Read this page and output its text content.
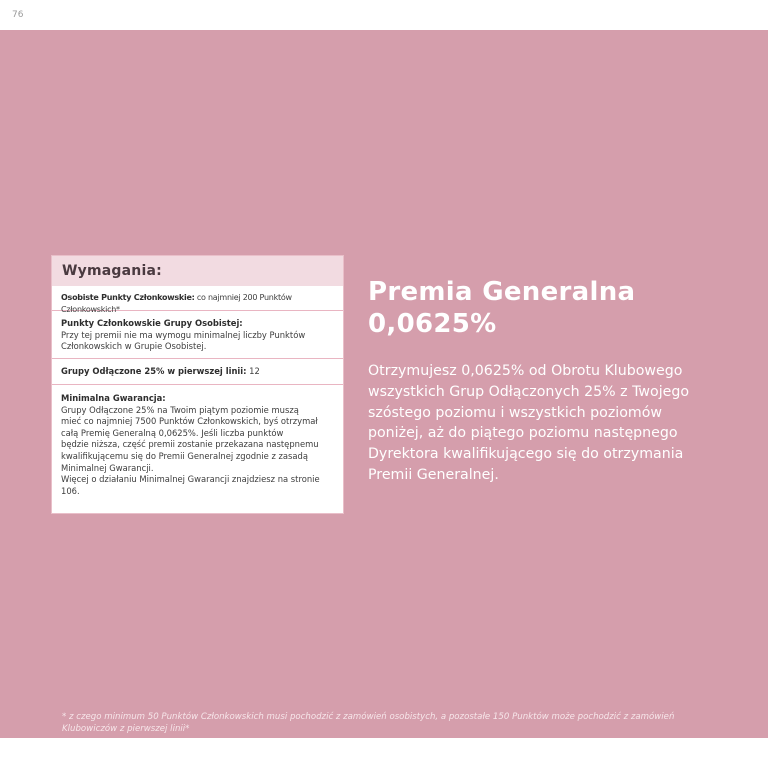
76
Wymagania:
Osobiste Punkty Członkowskie: co najmniej 200 Punktów Członkowskich*
Punkty Członkowskie Grupy Osobistej:
Przy tej premii nie ma wymogu minimalnej liczby Punktów
Członkowskich w Grupie Osobistej.
Grupy Odłączone 25% w pierwszej linii: 12
Minimalna Gwarancja:
Grupy Odłączone 25% na Twoim piątym poziomie muszą
mieć co najmniej 7500 Punktów Członkowskich, byś otrzymał
całą Premię Generalną 0,0625%. Jeśli liczba punktów
będzie niższa, część premii zostanie przekazana następnemu
kwalifikującemu się do Premii Generalnej zgodnie z zasadą
Minimalnej Gwarancji.
Więcej o działaniu Minimalnej Gwarancji znajdziesz na stronie 106.
Premia Generalna
0,0625%
Otrzymujesz 0,0625% od Obrotu Klubowego
wszystkich Grup Odłączonych 25% z Twojego
szóstego poziomu i wszystkich poziomów
poniżej, aż do piątego poziomu następnego
Dyrektora kwalifikującego się do otrzymania
Premii Generalnej.
* z czego minimum 50 Punktów Członkowskich musi pochodzić z zamówień osobistych, a pozostałe 150 Punktów może pochodzić z zamówień
Klubowiczów z pierwszej linii*
